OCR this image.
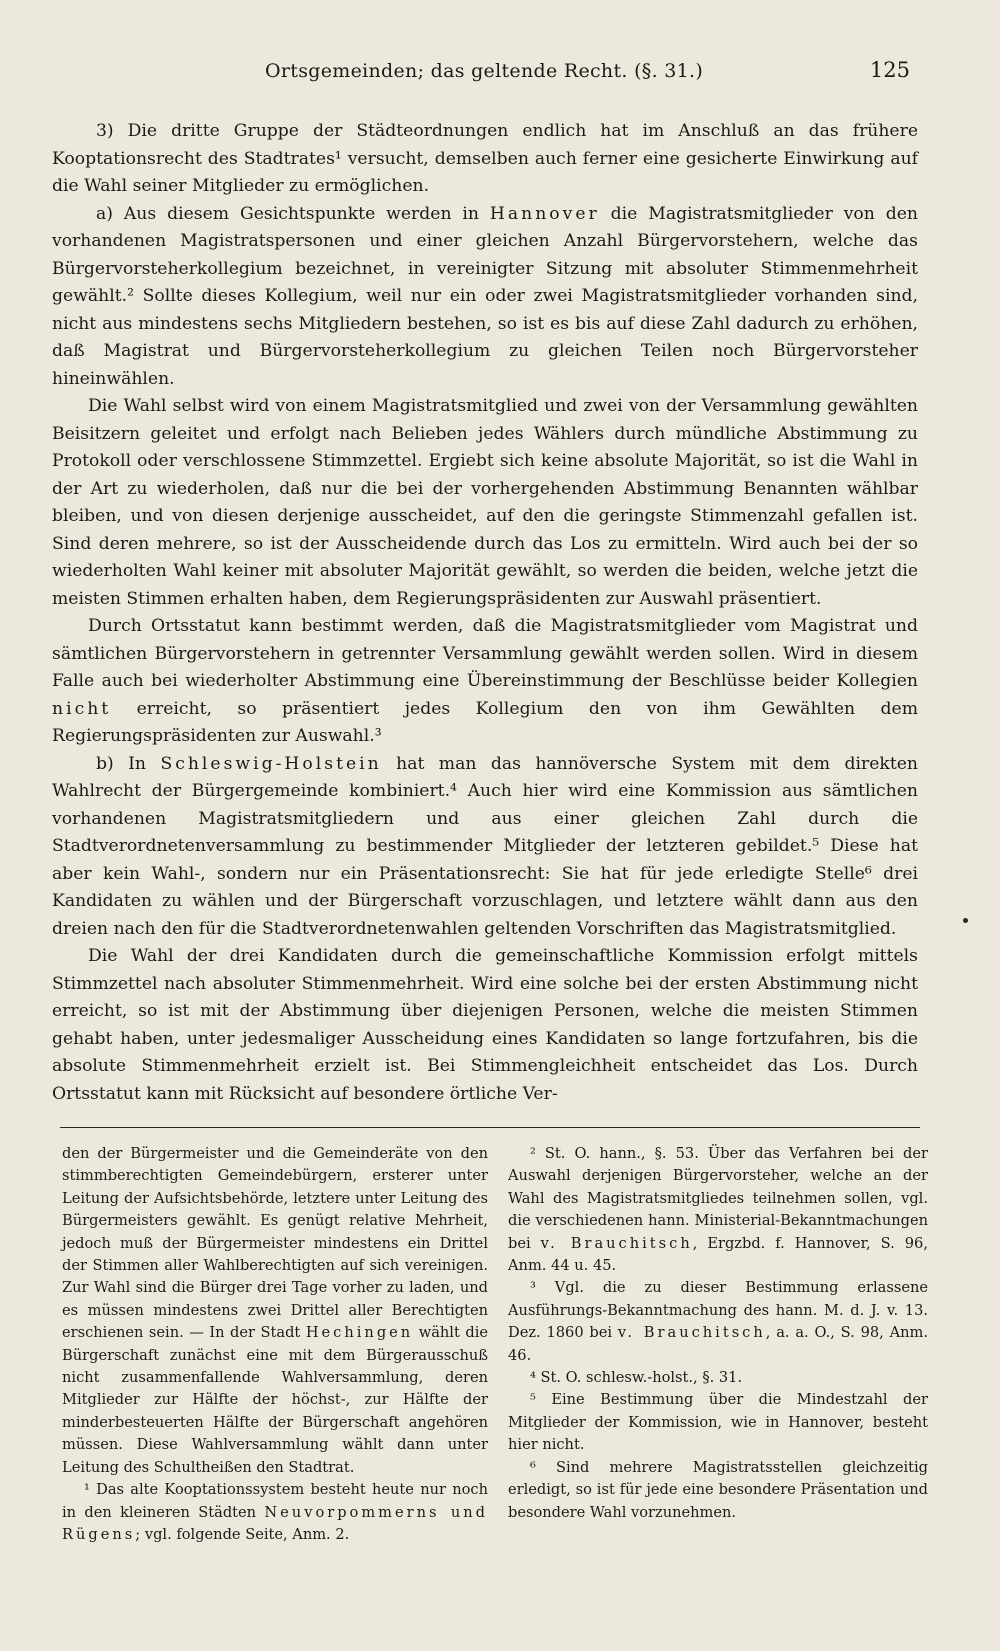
Ortsgemeinden; das geltende Recht. (§. 31.)	125

3) Die dritte Gruppe der Städteordnungen endlich hat im Anschluß an das frühere Kooptationsrecht des Stadtrates¹ versucht, demselben auch ferner eine gesicherte Einwirkung auf die Wahl seiner Mitglieder zu ermöglichen.

a) Aus diesem Gesichtspunkte werden in Hannover die Magistratsmitglieder von den vorhandenen Magistratspersonen und einer gleichen Anzahl Bürgervorstehern, welche das Bürgervorsteherkollegium bezeichnet, in vereinigter Sitzung mit absoluter Stimmenmehrheit gewählt.² Sollte dieses Kollegium, weil nur ein oder zwei Magistratsmitglieder vorhanden sind, nicht aus mindestens sechs Mitgliedern bestehen, so ist es bis auf diese Zahl dadurch zu erhöhen, daß Magistrat und Bürgervorsteherkollegium zu gleichen Teilen noch Bürgervorsteher hineinwählen.

Die Wahl selbst wird von einem Magistratsmitglied und zwei von der Versammlung gewählten Beisitzern geleitet und erfolgt nach Belieben jedes Wählers durch mündliche Abstimmung zu Protokoll oder verschlossene Stimmzettel. Ergiebt sich keine absolute Majorität, so ist die Wahl in der Art zu wiederholen, daß nur die bei der vorhergehenden Abstimmung Benannten wählbar bleiben, und von diesen derjenige ausscheidet, auf den die geringste Stimmenzahl gefallen ist. Sind deren mehrere, so ist der Ausscheidende durch das Los zu ermitteln. Wird auch bei der so wiederholten Wahl keiner mit absoluter Majorität gewählt, so werden die beiden, welche jetzt die meisten Stimmen erhalten haben, dem Regierungspräsidenten zur Auswahl präsentiert.

Durch Ortsstatut kann bestimmt werden, daß die Magistratsmitglieder vom Magistrat und sämtlichen Bürgervorstehern in getrennter Versammlung gewählt werden sollen. Wird in diesem Falle auch bei wiederholter Abstimmung eine Übereinstimmung der Beschlüsse beider Kollegien nicht erreicht, so präsentiert jedes Kollegium den von ihm Gewählten dem Regierungspräsidenten zur Auswahl.³

b) In Schleswig-Holstein hat man das hannöversche System mit dem direkten Wahlrecht der Bürgergemeinde kombiniert.⁴ Auch hier wird eine Kommission aus sämtlichen vorhandenen Magistratsmitgliedern und aus einer gleichen Zahl durch die Stadtverordnetenversammlung zu bestimmender Mitglieder der letzteren gebildet.⁵ Diese hat aber kein Wahl-, sondern nur ein Präsentationsrecht: Sie hat für jede erledigte Stelle⁶ drei Kandidaten zu wählen und der Bürgerschaft vorzuschlagen, und letztere wählt dann aus den dreien nach den für die Stadtverordnetenwahlen geltenden Vorschriften das Magistratsmitglied.

Die Wahl der drei Kandidaten durch die gemeinschaftliche Kommission erfolgt mittels Stimmzettel nach absoluter Stimmenmehrheit. Wird eine solche bei der ersten Abstimmung nicht erreicht, so ist mit der Abstimmung über diejenigen Personen, welche die meisten Stimmen gehabt haben, unter jedesmaliger Ausscheidung eines Kandidaten so lange fortzufahren, bis die absolute Stimmenmehrheit erzielt ist. Bei Stimmengleichheit entscheidet das Los. Durch Ortsstatut kann mit Rücksicht auf besondere örtliche Ver-

den der Bürgermeister und die Gemeinderäte von den stimmberechtigten Gemeindebürgern, ersterer unter Leitung der Aufsichtsbehörde, letztere unter Leitung des Bürgermeisters gewählt. Es genügt relative Mehrheit, jedoch muß der Bürgermeister mindestens ein Drittel der Stimmen aller Wahlberechtigten auf sich vereinigen. Zur Wahl sind die Bürger drei Tage vorher zu laden, und es müssen mindestens zwei Drittel aller Berechtigten erschienen sein. — In der Stadt Hechingen wählt die Bürgerschaft zunächst eine mit dem Bürgerausschuß nicht zusammenfallende Wahlversammlung, deren Mitglieder zur Hälfte der höchst-, zur Hälfte der minderbesteuerten Hälfte der Bürgerschaft angehören müssen. Diese Wahlversammlung wählt dann unter Leitung des Schultheißen den Stadtrat.

¹ Das alte Kooptationssystem besteht heute nur noch in den kleineren Städten Neuvorpommerns und Rügens; vgl. folgende Seite, Anm. 2.

² St. O. hann., §. 53. Über das Verfahren bei der Auswahl derjenigen Bürgervorsteher, welche an der Wahl des Magistratsmitgliedes teilnehmen sollen, vgl. die verschiedenen hann. Ministerial-Bekanntmachungen bei v. Brauchitsch, Ergzbd. f. Hannover, S. 96, Anm. 44 u. 45.

³ Vgl. die zu dieser Bestimmung erlassene Ausführungs-Bekanntmachung des hann. M. d. J. v. 13. Dez. 1860 bei v. Brauchitsch, a. a. O., S. 98, Anm. 46.

⁴ St. O. schlesw.-holst., §. 31.

⁵ Eine Bestimmung über die Mindestzahl der Mitglieder der Kommission, wie in Hannover, besteht hier nicht.

⁶ Sind mehrere Magistratsstellen gleichzeitig erledigt, so ist für jede eine besondere Präsentation und besondere Wahl vorzunehmen.
